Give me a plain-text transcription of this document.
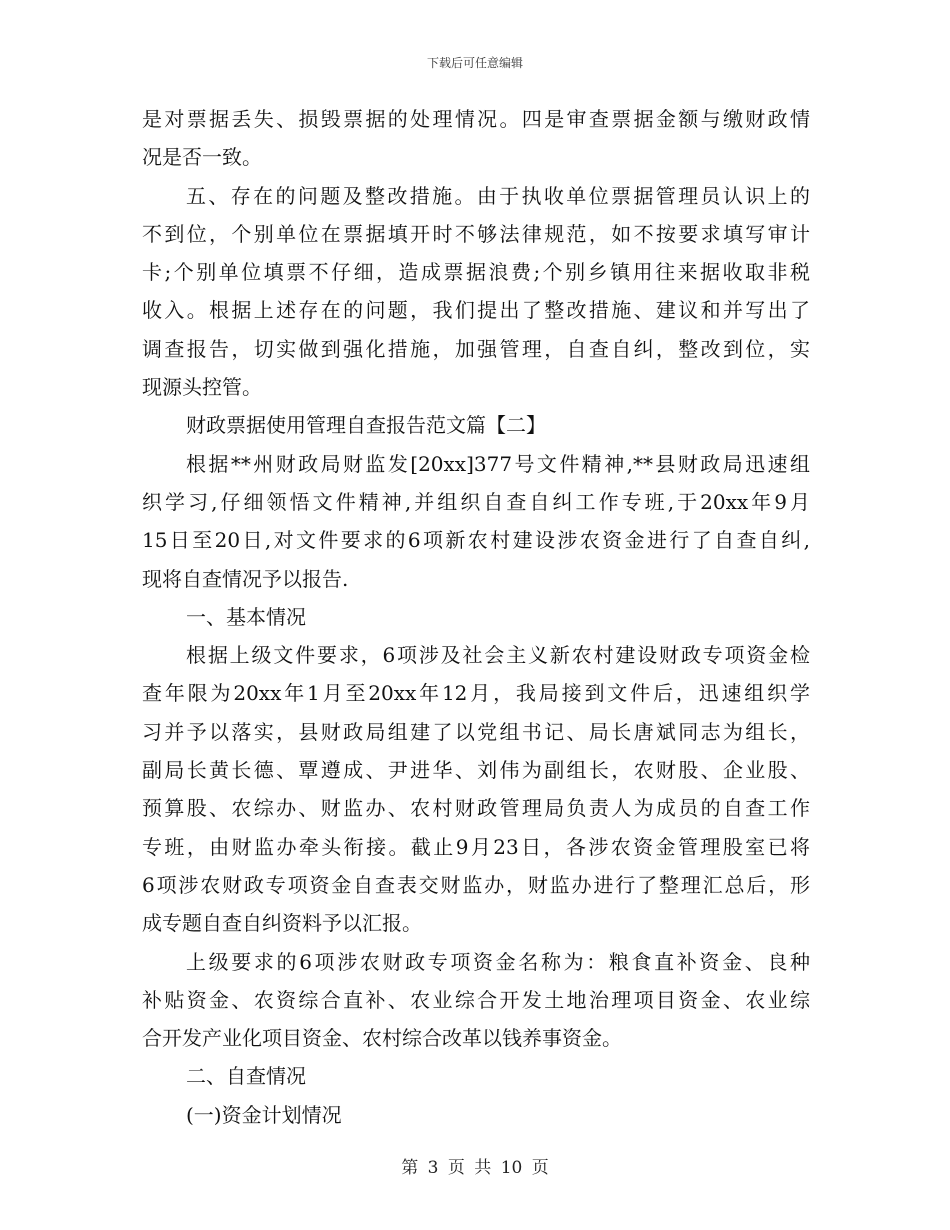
下载后可任意编辑
是对票据丢失、损毁票据的处理情况。四是审查票据金额与缴财政情
况是否一致。
五、存在的问题及整改措施。由于执收单位票据管理员认识上的
不到位，个别单位在票据填开时不够法律规范，如不按要求填写审计
卡;个别单位填票不仔细，造成票据浪费;个别乡镇用往来据收取非税
收入。根据上述存在的问题，我们提出了整改措施、建议和并写出了
调查报告，切实做到强化措施，加强管理，自查自纠，整改到位，实
现源头控管。
财政票据使用管理自查报告范文篇【二】
根据**州财政局财监发[20xx]377号文件精神,**县财政局迅速组
织学习,仔细领悟文件精神,并组织自查自纠工作专班,于20xx年9月
15日至20日,对文件要求的6项新农村建设涉农资金进行了自查自纠,
现将自查情况予以报告.
一、基本情况
根据上级文件要求，6项涉及社会主义新农村建设财政专项资金检
查年限为20xx年1月至20xx年12月，我局接到文件后，迅速组织学
习并予以落实，县财政局组建了以党组书记、局长唐斌同志为组长，
副局长黄长德、覃遵成、尹进华、刘伟为副组长，农财股、企业股、
预算股、农综办、财监办、农村财政管理局负责人为成员的自查工作
专班，由财监办牵头衔接。截止9月23日，各涉农资金管理股室已将
6项涉农财政专项资金自查表交财监办，财监办进行了整理汇总后，形
成专题自查自纠资料予以汇报。
上级要求的6项涉农财政专项资金名称为：粮食直补资金、良种
补贴资金、农资综合直补、农业综合开发土地治理项目资金、农业综
合开发产业化项目资金、农村综合改革以钱养事资金。
二、自查情况
(一)资金计划情况
第 3 页 共 10 页
